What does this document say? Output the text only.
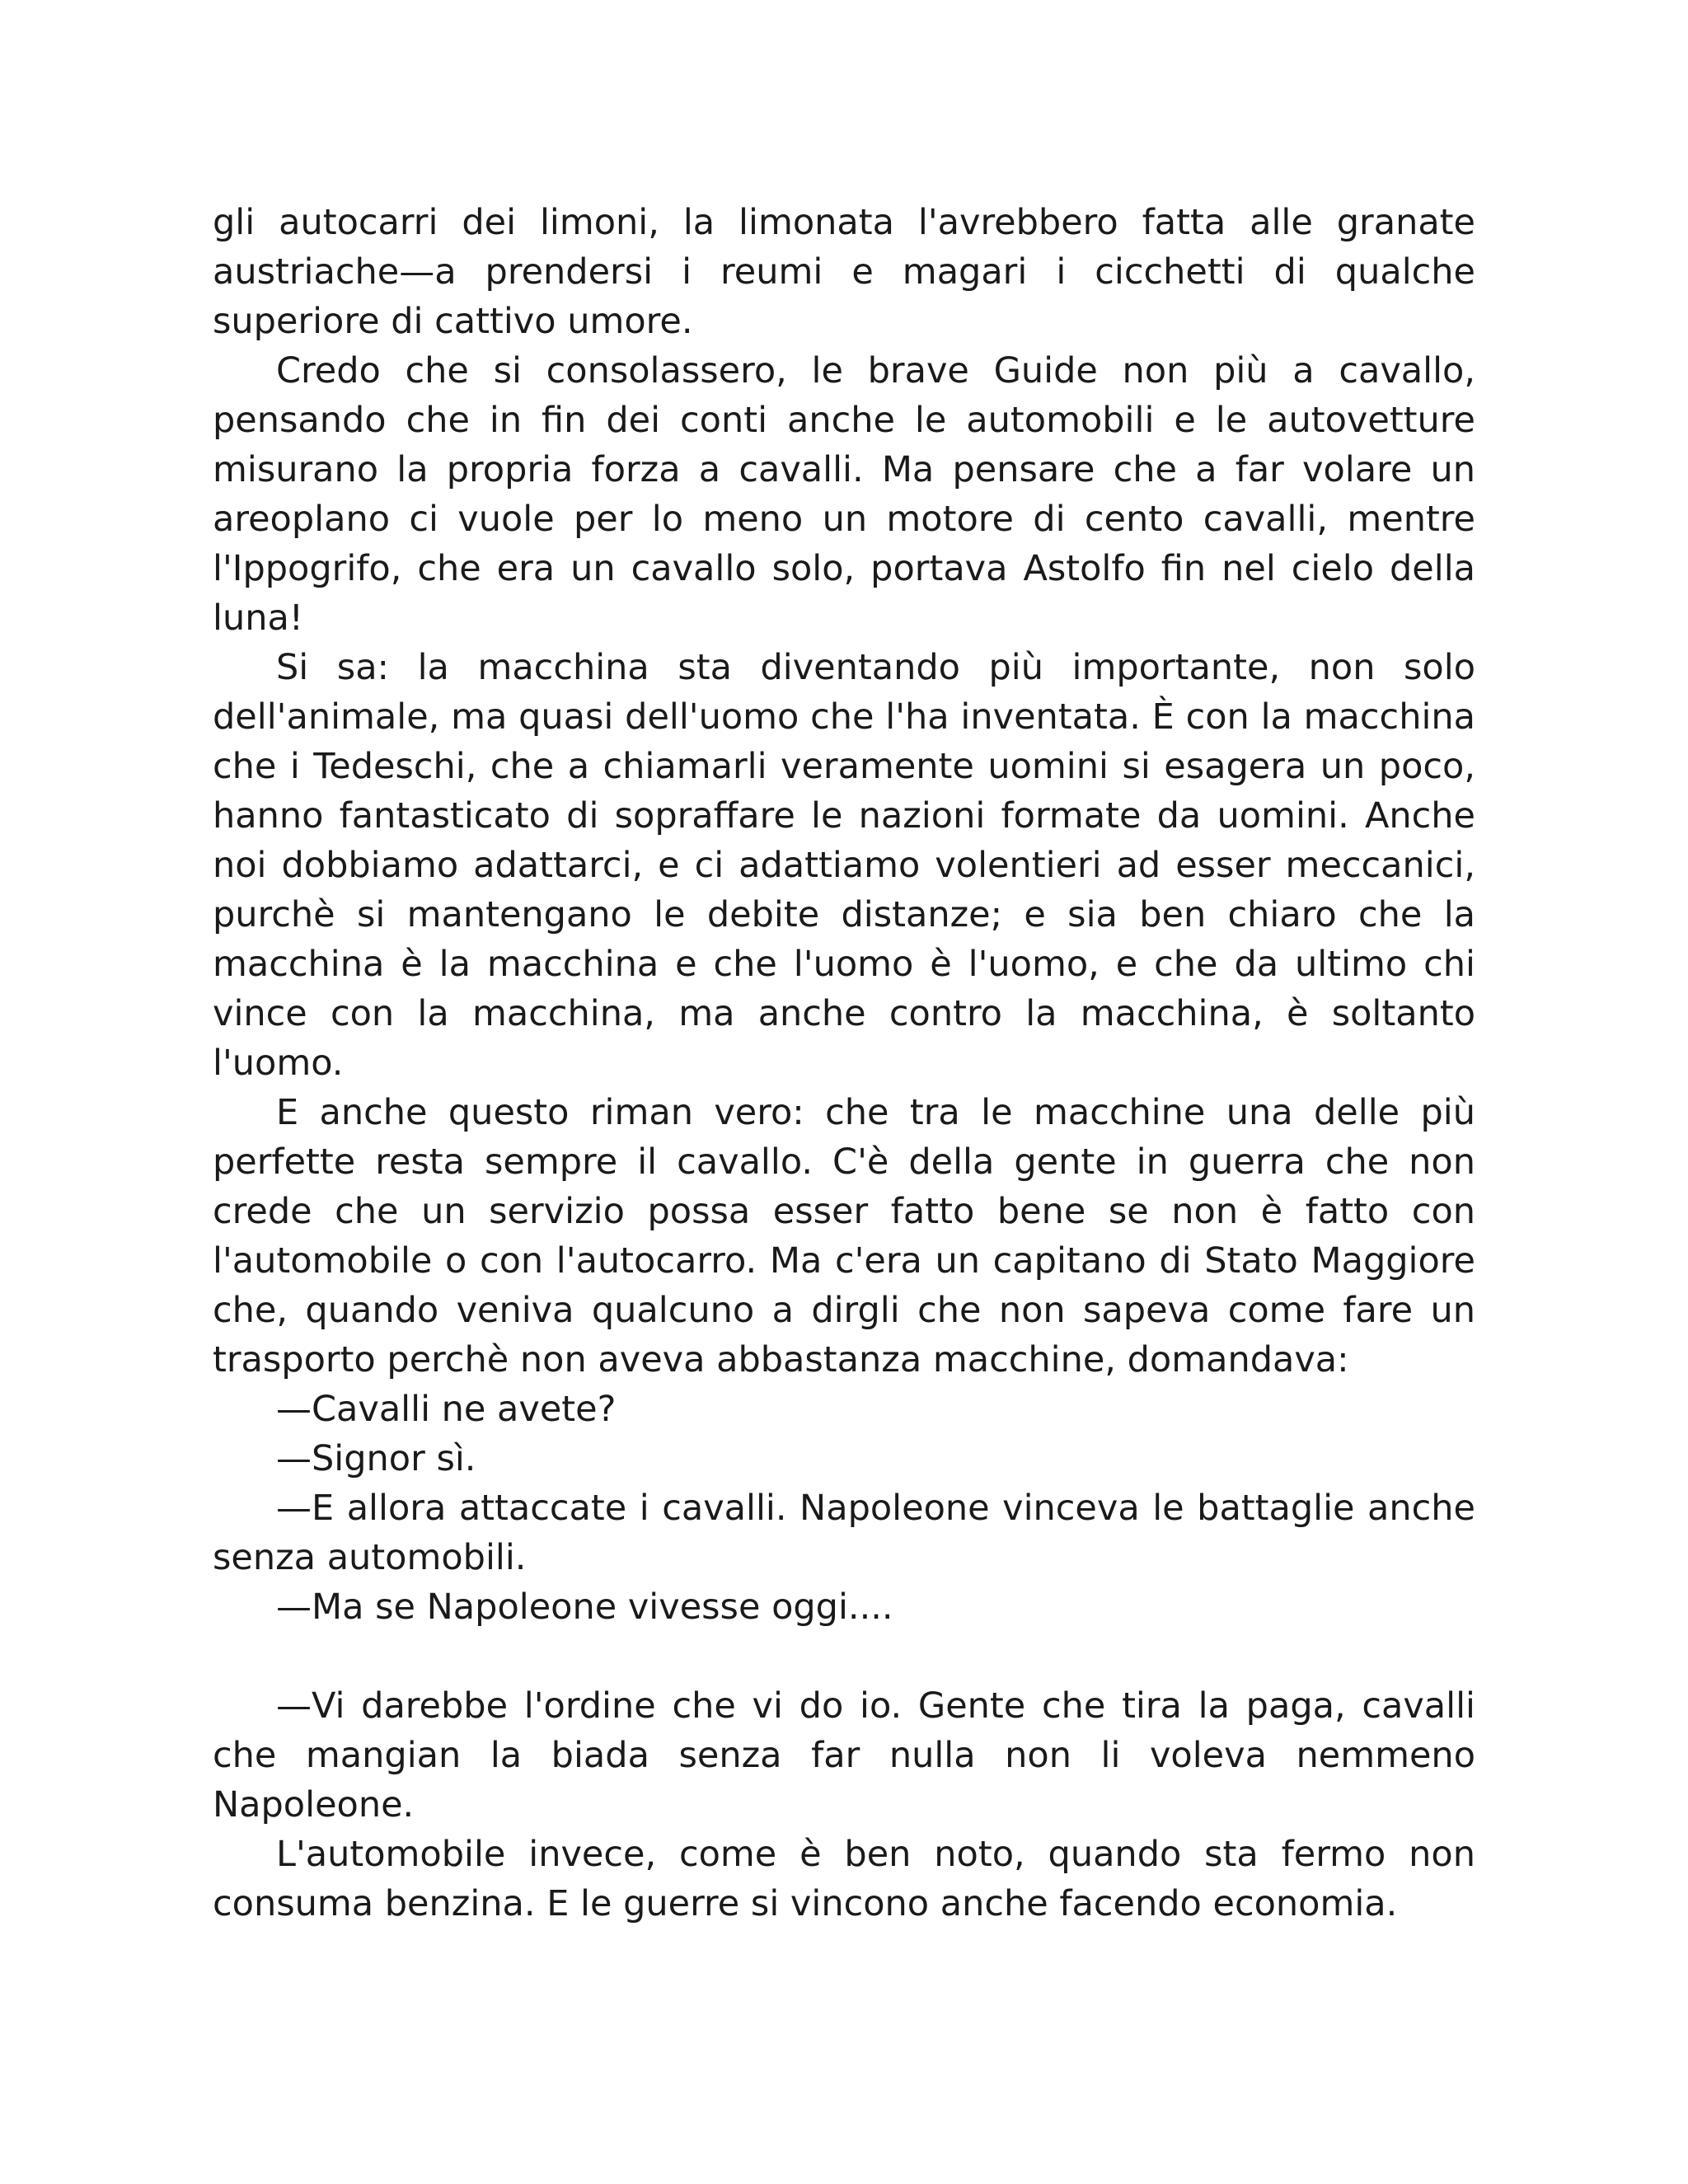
gli autocarri dei limoni, la limonata l'avrebbero fatta alle granate austriache—a prendersi i reumi e magari i cicchetti di qualche superiore di cattivo umore.

Credo che si consolassero, le brave Guide non più a cavallo, pensando che in fin dei conti anche le automobili e le autovetture misurano la propria forza a cavalli. Ma pensare che a far volare un areoplano ci vuole per lo meno un motore di cento cavalli, mentre l'Ippogrifo, che era un cavallo solo, portava Astolfo fin nel cielo della luna!

Si sa: la macchina sta diventando più importante, non solo dell'animale, ma quasi dell'uomo che l'ha inventata. È con la macchina che i Tedeschi, che a chiamarli veramente uomini si esagera un poco, hanno fantasticato di sopraffare le nazioni formate da uomini. Anche noi dobbiamo adattarci, e ci adattiamo volentieri ad esser meccanici, purchè si mantengano le debite distanze; e sia ben chiaro che la macchina è la macchina e che l'uomo è l'uomo, e che da ultimo chi vince con la macchina, ma anche contro la macchina, è soltanto l'uomo.

E anche questo riman vero: che tra le macchine una delle più perfette resta sempre il cavallo. C'è della gente in guerra che non crede che un servizio possa esser fatto bene se non è fatto con l'automobile o con l'autocarro. Ma c'era un capitano di Stato Maggiore che, quando veniva qualcuno a dirgli che non sapeva come fare un trasporto perchè non aveva abbastanza macchine, domandava:

—Cavalli ne avete?

—Signor sì.

—E allora attaccate i cavalli. Napoleone vinceva le battaglie anche senza automobili.

—Ma se Napoleone vivesse oggi....

—Vi darebbe l'ordine che vi do io. Gente che tira la paga, cavalli che mangian la biada senza far nulla non li voleva nemmeno Napoleone.

L'automobile invece, come è ben noto, quando sta fermo non consuma benzina. E le guerre si vincono anche facendo economia.
